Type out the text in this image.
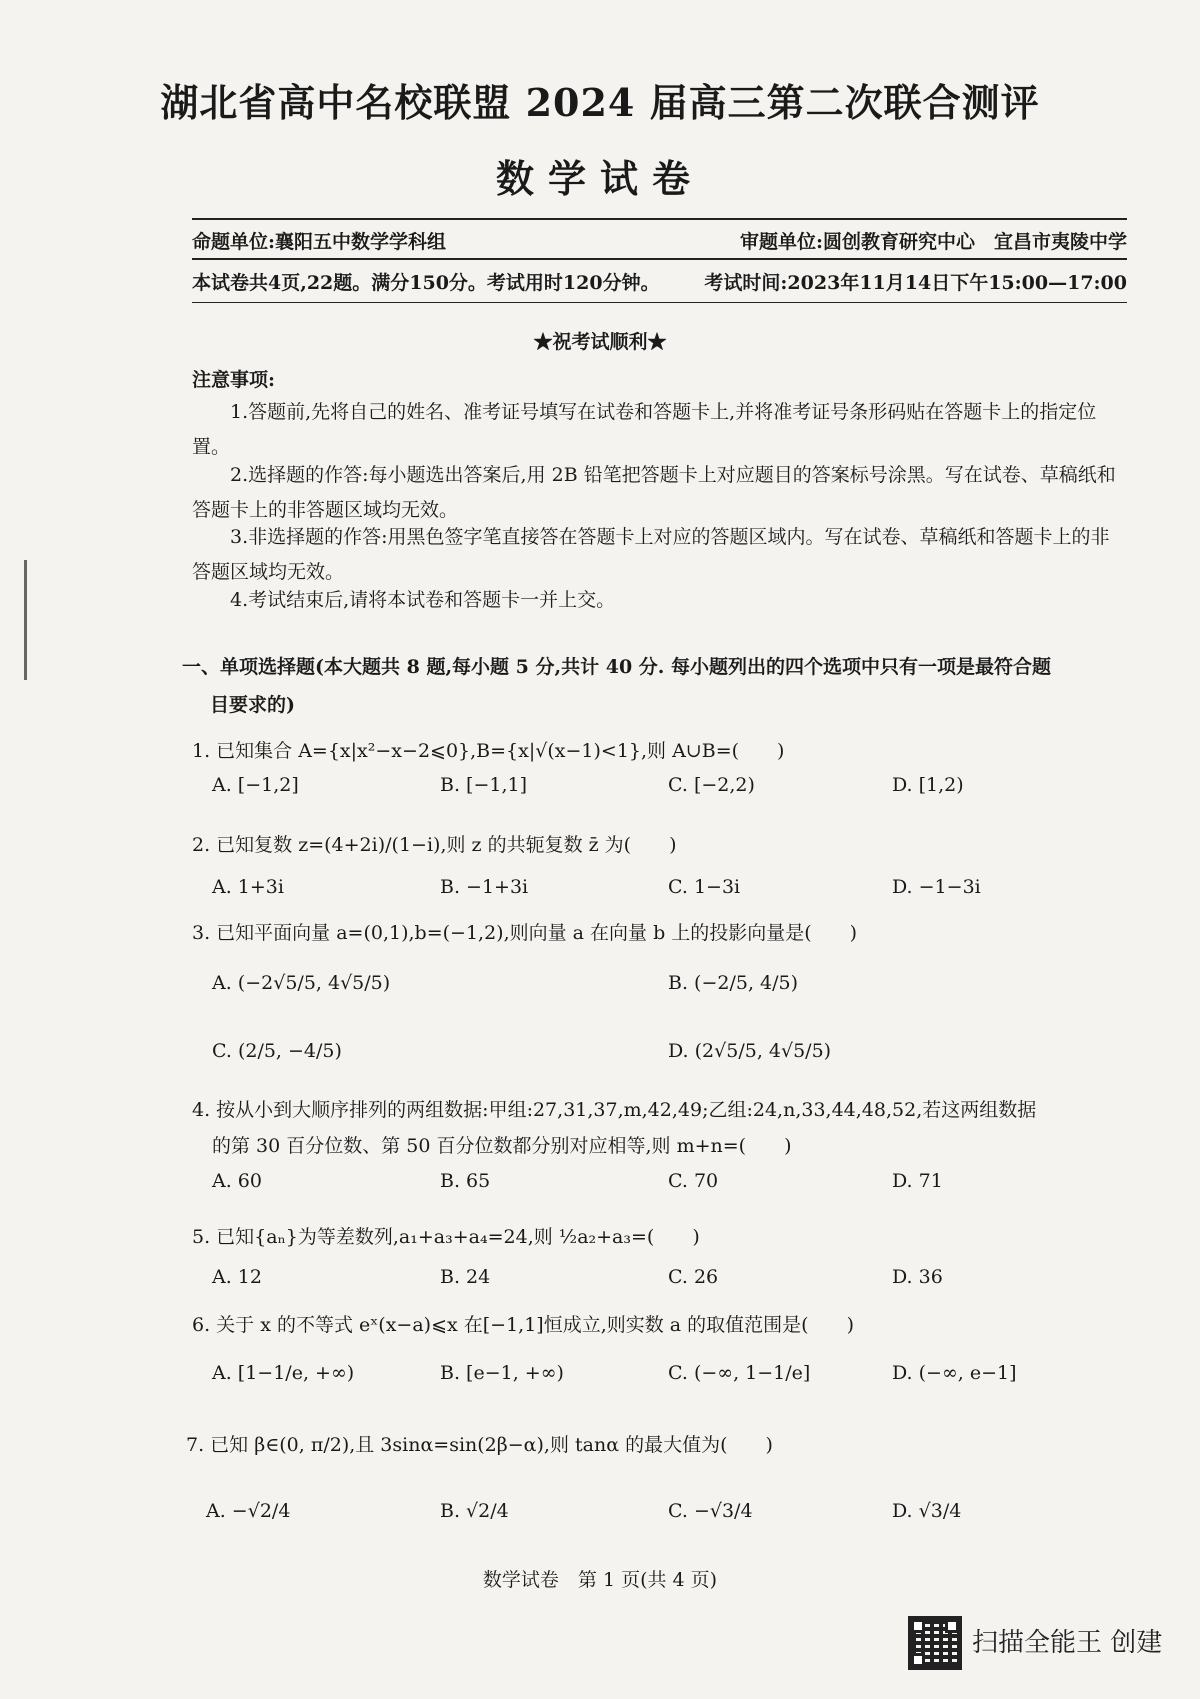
湖北省高中名校联盟 2024 届高三第二次联合测评
数学试卷
命题单位:襄阳五中数学学科组	审题单位:圆创教育研究中心　宜昌市夷陵中学
本试卷共4页,22题。满分150分。考试用时120分钟。 考试时间:2023年11月14日下午15:00—17:00
★祝考试顺利★
注意事项:
1.答题前,先将自己的姓名、准考证号填写在试卷和答题卡上,并将准考证号条形码贴在答题卡上的指定位置。
2.选择题的作答:每小题选出答案后,用 2B 铅笔把答题卡上对应题目的答案标号涂黑。写在试卷、草稿纸和答题卡上的非答题区域均无效。
3.非选择题的作答:用黑色签字笔直接答在答题卡上对应的答题区域内。写在试卷、草稿纸和答题卡上的非答题区域均无效。
4.考试结束后,请将本试卷和答题卡一并上交。
一、单项选择题(本大题共 8 题,每小题 5 分,共计 40 分. 每小题列出的四个选项中只有一项是最符合题
目要求的)
1. 已知集合 A={x|x²−x−2⩽0},B={x|√(x−1)<1},则 A∪B=(　　)
A. [−1,2]	B. [−1,1]	C. [−2,2)	D. [1,2)
2. 已知复数 z=(4+2i)/(1−i),则 z 的共轭复数 z̄ 为(　　)
A. 1+3i	B. −1+3i	C. 1−3i	D. −1−3i
3. 已知平面向量 a=(0,1),b=(−1,2),则向量 a 在向量 b 上的投影向量是(　　)
A. (−2√5/5, 4√5/5)	B. (−2/5, 4/5)
C. (2/5, −4/5)	D. (2√5/5, 4√5/5)
4. 按从小到大顺序排列的两组数据:甲组:27,31,37,m,42,49;乙组:24,n,33,44,48,52,若这两组数据
的第 30 百分位数、第 50 百分位数都分别对应相等,则 m+n=(　　)
A. 60	B. 65	C. 70	D. 71
5. 已知{aₙ}为等差数列,a₁+a₃+a₄=24,则 ½a₂+a₃=(　　)
A. 12	B. 24	C. 26	D. 36
6. 关于 x 的不等式 eˣ(x−a)⩽x 在[−1,1]恒成立,则实数 a 的取值范围是(　　)
A. [1−1/e, +∞)	B. [e−1, +∞)	C. (−∞, 1−1/e]	D. (−∞, e−1]
7. 已知 β∈(0, π/2),且 3sinα=sin(2β−α),则 tanα 的最大值为(　　)
A. −√2/4	B. √2/4	C. −√3/4	D. √3/4
数学试卷　第 1 页(共 4 页)
扫描全能王 创建
